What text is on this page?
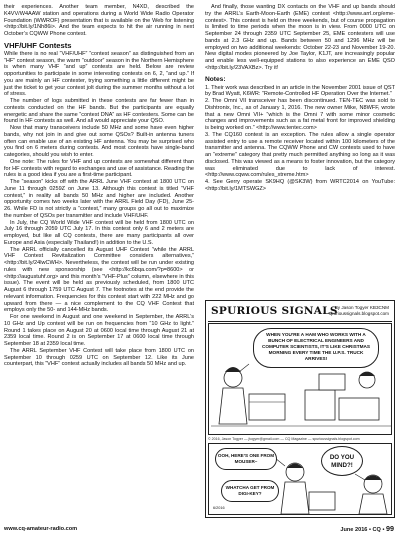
their experiences. Another team member, N4XD, described the K4VV/W4AAW station and operations during a World Wide Radio Operator Foundation (WWROF) presentation that is available on the Web for listening <http://bit.ly/1Nh86i>. And the team expects to hit the air running in next October’s CQWW Phone contest.

VHF/UHF Contests

While there is no real “VHF/UHF” “contest season” as distinguished from an “HF” contest season, the warm “outdoor” season in the Northern Hemisphere is when many VHF “and up” contests are held. Below are review opportunities to participate in some interesting contests on 6, 2, “and up.” If you are mainly an HF contester, trying something a little different might be just the ticket to get your contest jolt during the summer months without a lot of stress.

The number of logs submitted in these contests are far fewer than in contests conducted on the HF bands. But the participants are equally energetic and share the same “contest DNA” as HF contesters. Some can be found in HF contests as well. And all would appreciate your QSO.

Now that many transceivers include 50 MHz and some have even higher bands, why not join in and give out some QSOs? Built-in antenna tuners often can enable use of an existing HF antenna. You may be surprised who you find on 6 meters during contests. And most contests have single-band categories, should you wish to enter.

One note: The rules for VHF and up contests are somewhat different than for HF contests with regard to exchanges and use of assistance. Reading the rules is a good idea if you are a first-time participant.

The “season” kicks off with the ARRL June VHF contest at 1800 UTC on June 11 through 0259Z on June 13. Although this contest is titled “VHF contest,” in reality all bands 50 MHz and higher are included. Another opportunity comes two weeks later with the ARRL Field Day (FD), June 25-26. While FD is not strictly a “contest,” many groups go all out to maximize the number of QSOs per transmitter and include VHF/UHF.

In July, the CQ World Wide VHF contest will be held from 1800 UTC on July 16 through 2059 UTC July 17. In this contest only 6 and 2 meters are employed, but like all CQ contests, there are many participants all over Europe and Asia (especially Thailand!) in addition to the U.S.

The ARRL officially cancelled its August UHF Contest “while the ARRL VHF Contest Revitalization Committee considers alternatives,” <http://bit.ly/24lwCWH>. Nevertheless, the contest will be run under existing rules with new sponsorship (see <http://kc6bqa.com/?p=8600> or <http://augustuhf.org> and this month’s “VHF-Plus” column, elsewhere in this issue). The event will be held as previously scheduled, from 1800 UTC August 6 through 1759 UTC August 7. The footnotes at the end provide the relevant information. Frequencies for this contest start with 222 MHz and go upward from there — a nice complement to the CQ VHF Contest that employs only the 50- and 144-MHz bands.

For one weekend in August and one weekend in September, the ARRL’s 10 GHz and Up contest will be run on frequencies from “10 GHz to light.” Round 1 takes place on August 20 at 0600 local time through August 21 at 2359 local time. Round 2 is on September 17 at 0600 local time through September 18 at 2359 local time.

The ARRL September VHF Contest will take place from 1800 UTC on September 10 through 0259 UTC on September 12. Like its June counterpart, this “VHF” contest actually includes all bands 50 MHz and up.

And finally, those wanting DX contacts on the VHF and up bands should try the ARRL’s Earth-Moon-Earth (EME) contest <http://www.arrl.org/eme-contest>. This contest is held on three weekends, but of course propagation is limited to time periods when the moon is in view. From 0000 UTC on September 24 through 2359 UTC September 25, EME contesters will use bands at 2.3 GHz and up. Bands between 50 and 1296 MHz will be employed on two additional weekends: October 22-23 and November 19-20. New digital modes pioneered by Joe Taylor, K1JT, are increasingly popular and enable less well-equipped stations to also experience an EME QSO <http://bit.ly/23VAXBz>. Try it!

Notes:

1. Their work was described in an article in the November 2001 issue of QST by Brad Wyatt, K6WR: “Remote-Controlled HF Operation Over the Internet.”

2. The Omni VII transceiver has been discontinued. TEN-TEC was sold to Dishtronix, Inc., as of January 1, 2016. The new owner Mike, N8WFF, wrote that a new Omni VII+ “which is the Omni 7 with some minor cosmetic changes and improvements such as a fat metal front for improved shielding is being worked on.” <http://www.tentec.com>

3. The CQ160 contest is an exception. The rules allow a single operator assisted entry to use a remote receiver located within 100 kilometers of the transmitter and antenna. The CQWW Phone and CW contests used to have an “extreme” category that pretty much permitted anything so long as it was disclosed. This was viewed as a means to foster innovation, but the category was eliminated due to lack of interest. <http://www.cqww.com/rules_xtreme.htm>

4. See Gerry operate SK9HQ (@SK3W) from WRTC2014 on YouTube: <http://bit.ly/1MTSWGZ>

SPURIOUS SIGNALS
By Jason Togyer KB3CNM
spurioussignals.blogspot.com
WHEN YOU’RE A HAM WHO WORKS WITH A BUNCH OF ELECTRICAL ENGINEERS AND COMPUTER SCIENTISTS, IT’S LIKE CHRISTMAS MORNING EVERY TIME THE U.P.S. TRUCK ARRIVES!
© 2016, Jason Togyer — jtogyer@gmail.com — CQ Magazine — spurioussignals.blogspot.com
OOH, HERE’S ONE FROM MOUSER–
DO YOU MIND?!
WHATCHA GET FROM DIGI-KEY?
6/2016
www.cq-amateur-radio.com	June 2016 • CQ • 99
